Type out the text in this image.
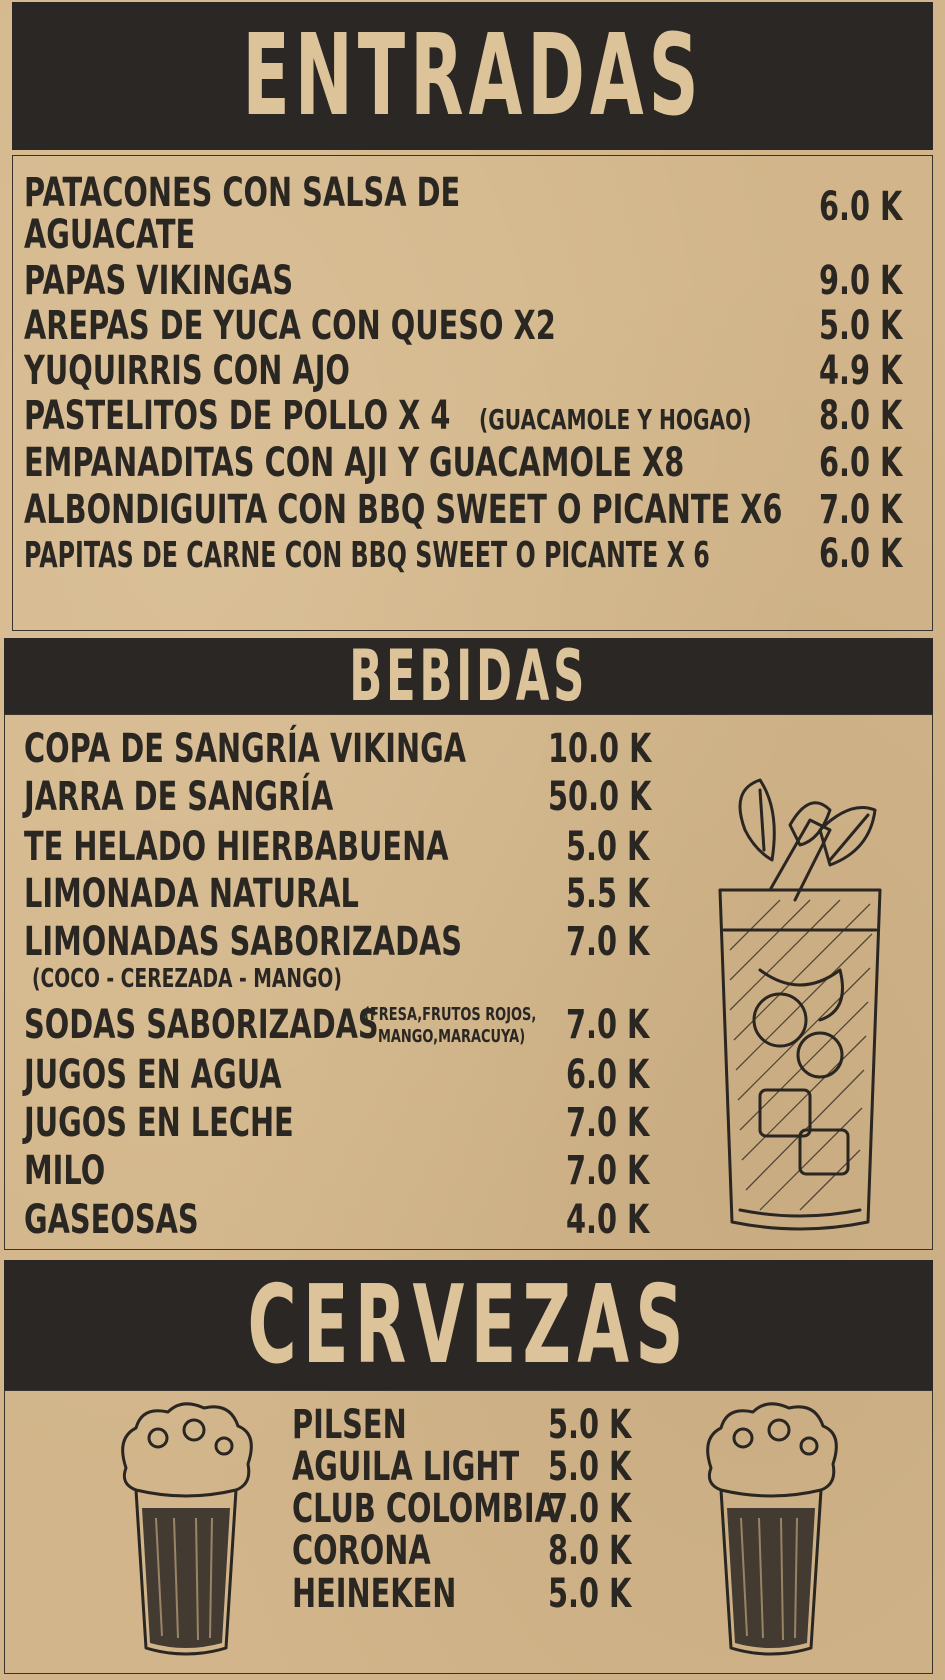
ENTRADAS
PATACONES CON SALSA DE
AGUACATE
6.0 K
PAPAS VIKINGAS	9.0 K
AREPAS DE YUCA CON QUESO X2	5.0 K
YUQUIRRIS CON AJO	4.9 K
PASTELITOS DE POLLO X 4 (GUACAMOLE Y HOGAO) 8.0 K
EMPANADITAS CON AJI Y GUACAMOLE X8	6.0 K
ALBONDIGUITA CON BBQ SWEET O PICANTE X6 7.0 K
PAPITAS DE CARNE CON BBQ SWEET O PICANTE X 6	6.0 K
BEBIDAS
COPA DE SANGRÍA VIKINGA 10.0 K
JARRA DE SANGRÍA	50.0 K
TE HELADO HIERBABUENA	5.0 K
LIMONADA NATURAL	5.5 K
LIMONADAS SABORIZADAS
(COCO - CEREZADA - MANGO)
7.0 K
SODAS SABORIZADAS
(FRESA,FRUTOS ROJOS,
MANGO,MARACUYA) 7.0 K
JUGOS EN AGUA	6.0 K
JUGOS EN LECHE	7.0 K
MILO	7.0 K
GASEOSAS	4.0 K
CERVEZAS
PILSEN	5.0 K
AGUILA LIGHT 5.0 K
CLUB COLOMBIA
7.0 K
CORONA	8.0 K
HEINEKEN 5.0 K
